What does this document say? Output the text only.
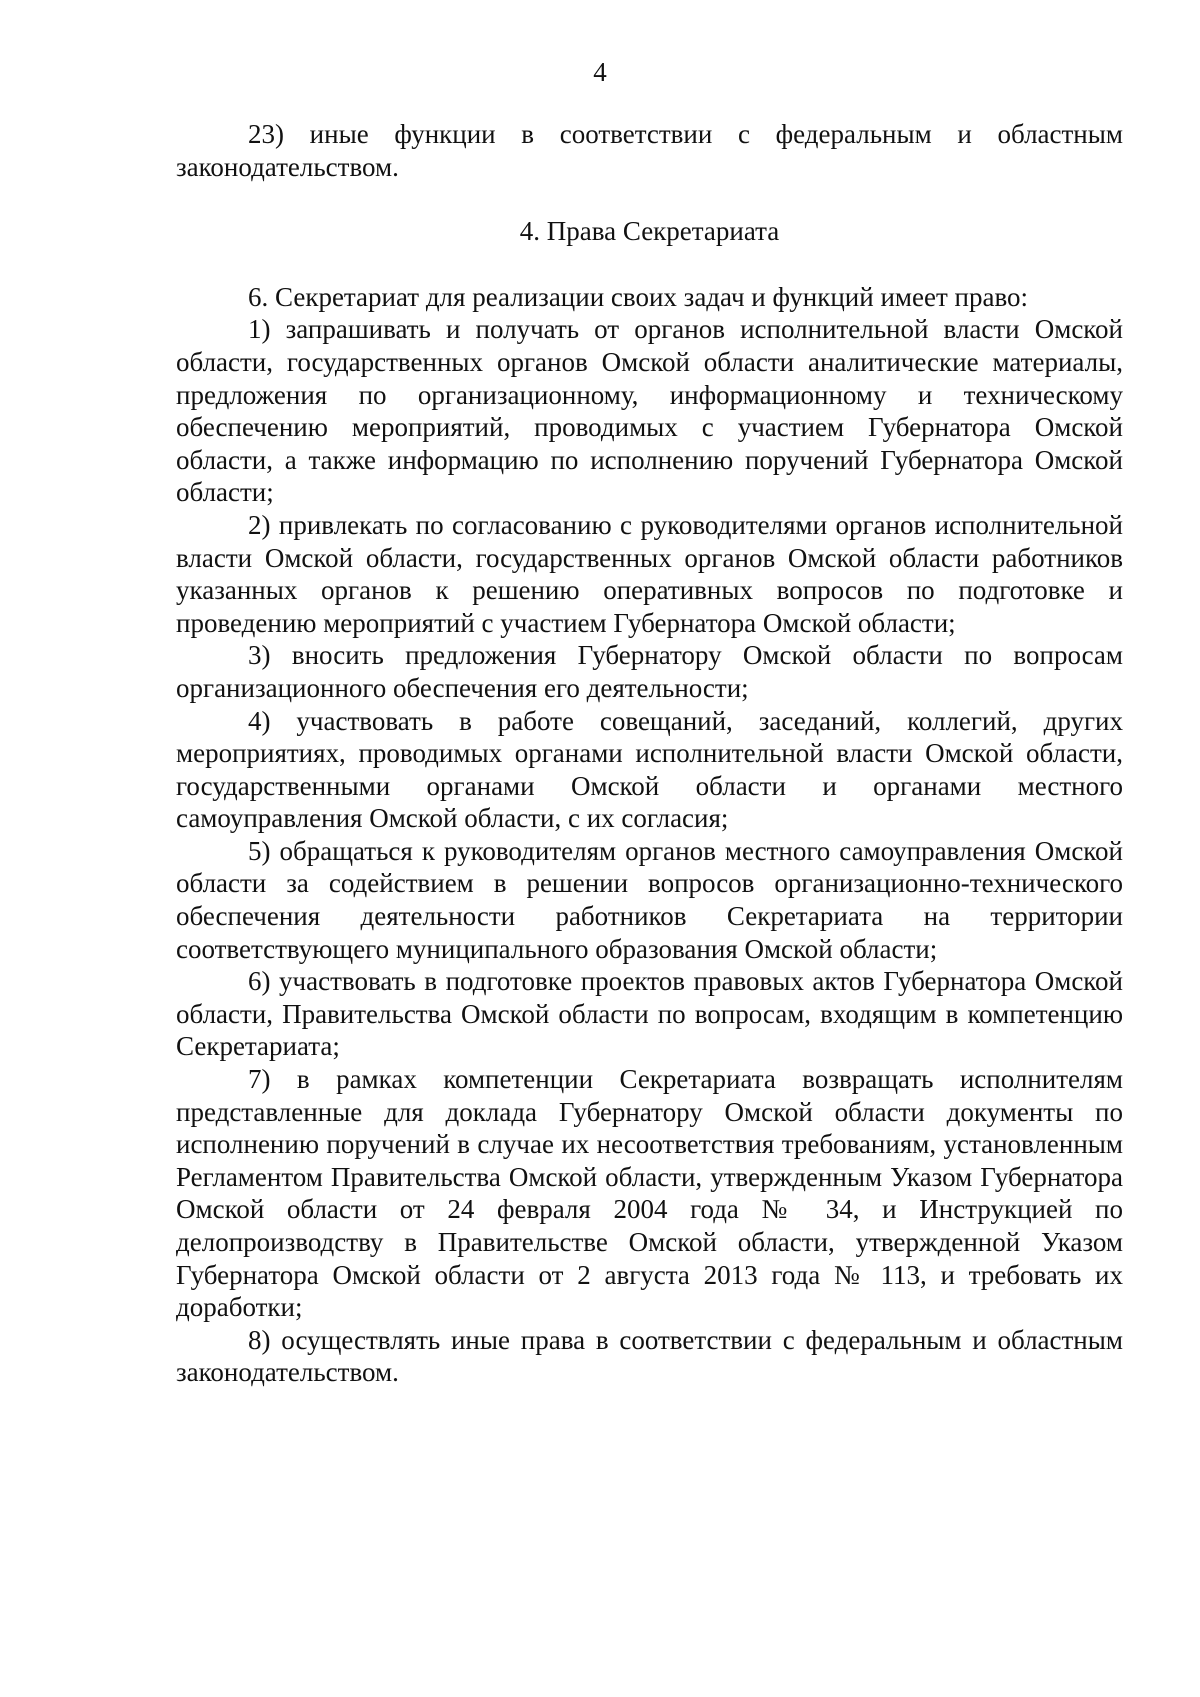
4

23) иные функции в соответствии с федеральным и областным законодательством.

4. Права Секретариата

6. Секретариат для реализации своих задач и функций имеет право:

1) запрашивать и получать от органов исполнительной власти Омской области, государственных органов Омской области аналитические материалы, предложения по организационному, информационному и техническому обеспечению мероприятий, проводимых с участием Губернатора Омской области, а также информацию по исполнению поручений Губернатора Омской области;

2) привлекать по согласованию с руководителями органов исполнительной власти Омской области, государственных органов Омской области работников указанных органов к решению оперативных вопросов по подготовке и проведению мероприятий с участием Губернатора Омской области;

3) вносить предложения Губернатору Омской области по вопросам организационного обеспечения его деятельности;

4) участвовать в работе совещаний, заседаний, коллегий, других мероприятиях, проводимых органами исполнительной власти Омской области, государственными органами Омской области и органами местного самоуправления Омской области, с их согласия;

5) обращаться к руководителям органов местного самоуправления Омской области за содействием в решении вопросов организационно-технического обеспечения деятельности работников Секретариата на территории соответствующего муниципального образования Омской области;

6) участвовать в подготовке проектов правовых актов Губернатора Омской области, Правительства Омской области по вопросам, входящим в компетенцию Секретариата;

7) в рамках компетенции Секретариата возвращать исполнителям представленные для доклада Губернатору Омской области документы по исполнению поручений в случае их несоответствия требованиям, установленным Регламентом Правительства Омской области, утвержденным Указом Губернатора Омской области от 24 февраля 2004 года № 34, и Инструкцией по делопроизводству в Правительстве Омской области, утвержденной Указом Губернатора Омской области от 2 августа 2013 года № 113, и требовать их доработки;

8) осуществлять иные права в соответствии с федеральным и областным законодательством.
